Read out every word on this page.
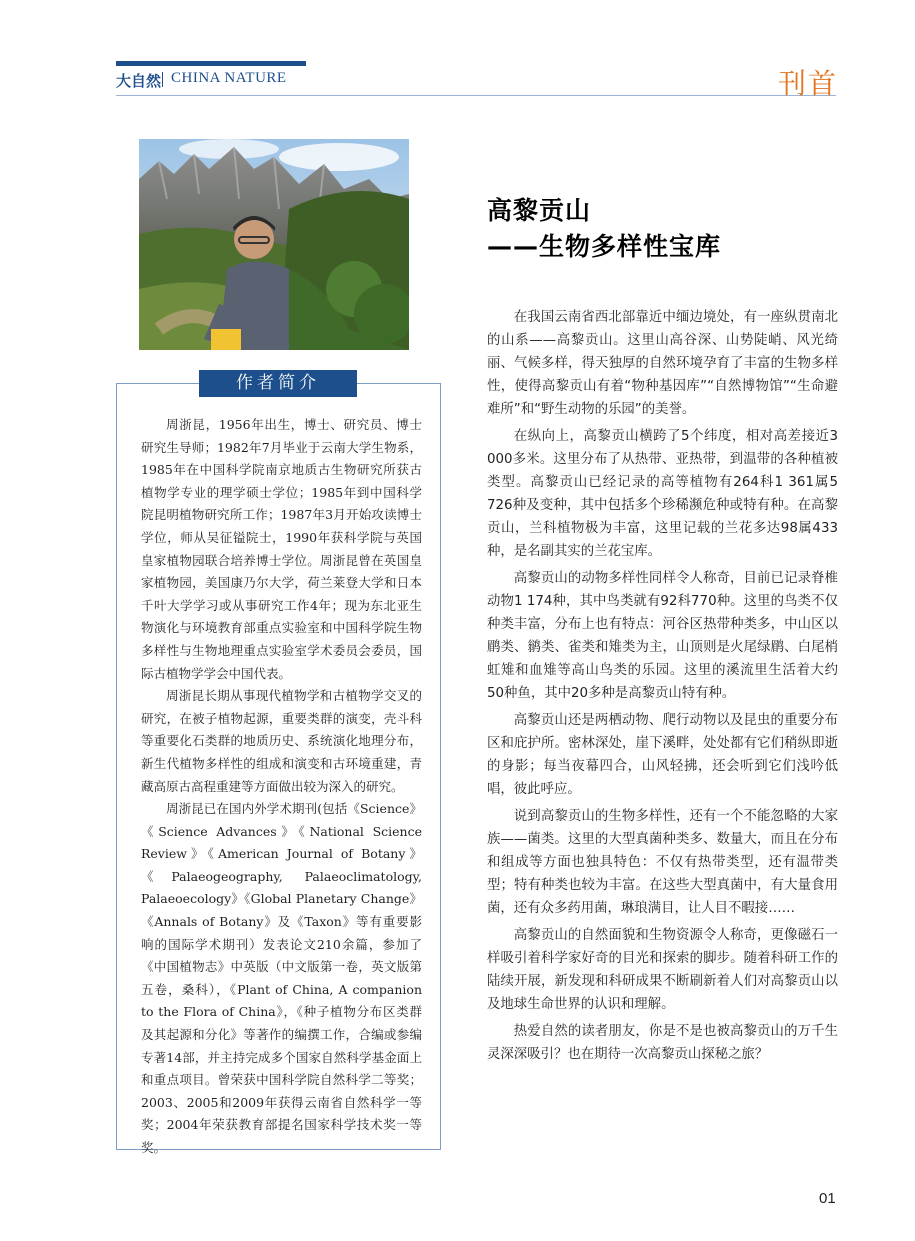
大自然 CHINA NATURE	刊首
作者简介

周浙昆，1956年出生，博士、研究员、博士研究生导师；1982年7月毕业于云南大学生物系，1985年在中国科学院南京地质古生物研究所获古植物学专业的理学硕士学位；1985年到中国科学院昆明植物研究所工作；1987年3月开始攻读博士学位，师从吴征镒院士，1990年获科学院与英国皇家植物园联合培养博士学位。周浙昆曾在英国皇家植物园，美国康乃尔大学，荷兰莱登大学和日本千叶大学学习或从事研究工作4年；现为东北亚生物演化与环境教育部重点实验室和中国科学院生物多样性与生物地理重点实验室学术委员会委员，国际古植物学学会中国代表。

周浙昆长期从事现代植物学和古植物学交叉的研究，在被子植物起源，重要类群的演变，壳斗科等重要化石类群的地质历史、系统演化地理分布，新生代植物多样性的组成和演变和古环境重建，青藏高原古高程重建等方面做出较为深入的研究。

周浙昆已在国内外学术期刊(包括《Science》《Science Advances》《National Science Review》《American Journal of Botany》《Palaeogeography, Palaeoclimatology, Palaeoecology》《Global Planetary Change》《Annals of Botany》及《Taxon》等有重要影响的国际学术期刊）发表论文210余篇，参加了《中国植物志》中英版（中文版第一卷，英文版第五卷，桑科），《Plant of China, A companion to the Flora of China》，《种子植物分布区类群及其起源和分化》等著作的编撰工作，合编或参编专著14部，并主持完成多个国家自然科学基金面上和重点项目。曾荣获中国科学院自然科学二等奖；2003、2005和2009年获得云南省自然科学一等奖；2004年荣获教育部提名国家科学技术奖一等奖。

高黎贡山
——生物多样性宝库

在我国云南省西北部靠近中缅边境处，有一座纵贯南北的山系——高黎贡山。这里山高谷深、山势陡峭、风光绮丽、气候多样，得天独厚的自然环境孕育了丰富的生物多样性，使得高黎贡山有着“物种基因库”“自然博物馆”“生命避难所”和“野生动物的乐园”的美誉。

在纵向上，高黎贡山横跨了5个纬度，相对高差接近3 000多米。这里分布了从热带、亚热带，到温带的各种植被类型。高黎贡山已经记录的高等植物有264科1 361属5 726种及变种，其中包括多个珍稀濒危种或特有种。在高黎贡山，兰科植物极为丰富，这里记载的兰花多达98属433种，是名副其实的兰花宝库。

高黎贡山的动物多样性同样令人称奇，目前已记录脊椎动物1 174种，其中鸟类就有92科770种。这里的鸟类不仅种类丰富，分布上也有特点：河谷区热带种类多，中山区以鹛类、鹟类、雀类和雉类为主，山顶则是火尾绿鹛、白尾梢虹雉和血雉等高山鸟类的乐园。这里的溪流里生活着大约50种鱼，其中20多种是高黎贡山特有种。

高黎贡山还是两栖动物、爬行动物以及昆虫的重要分布区和庇护所。密林深处，崖下溪畔，处处都有它们稍纵即逝的身影；每当夜幕四合，山风轻拂，还会听到它们浅吟低唱，彼此呼应。

说到高黎贡山的生物多样性，还有一个不能忽略的大家族——菌类。这里的大型真菌种类多、数量大，而且在分布和组成等方面也独具特色：不仅有热带类型，还有温带类型；特有种类也较为丰富。在这些大型真菌中，有大量食用菌，还有众多药用菌，琳琅满目，让人目不暇接……

高黎贡山的自然面貌和生物资源令人称奇，更像磁石一样吸引着科学家好奇的目光和探索的脚步。随着科研工作的陆续开展，新发现和科研成果不断刷新着人们对高黎贡山以及地球生命世界的认识和理解。

热爱自然的读者朋友，你是不是也被高黎贡山的万千生灵深深吸引？也在期待一次高黎贡山探秘之旅？

01
